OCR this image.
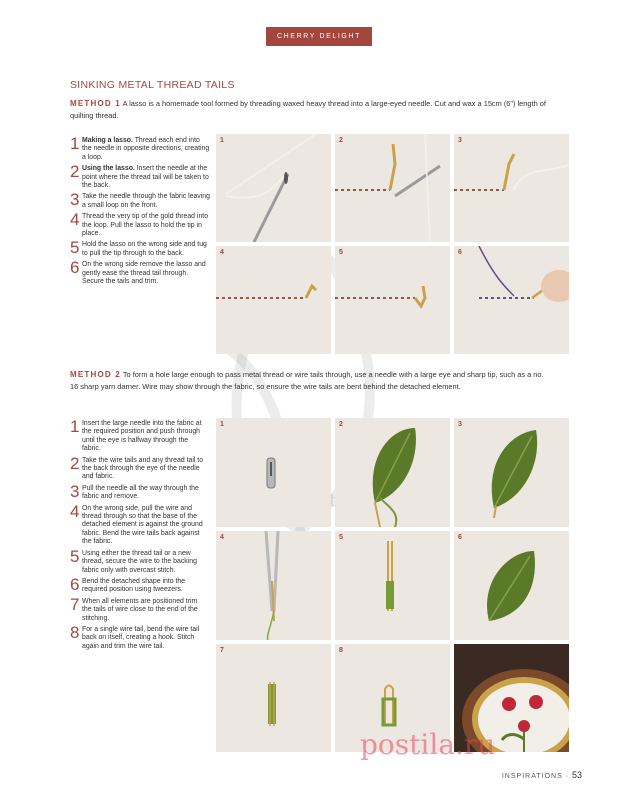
CHERRY DELIGHT
SINKING METAL THREAD TAILS
METHOD 1 A lasso is a homemade tool formed by threading waxed heavy thread into a large-eyed needle. Cut and wax a 15cm (6") length of quilting thread.
1 Making a lasso. Thread each end into the needle in opposite directions, creating a loop.
2 Using the lasso. Insert the needle at the point where the thread tail will be taken to the back.
3 Take the needle through the fabric leaving a small loop on the front.
4 Thread the very tip of the gold thread into the loop. Pull the lasso to hold the tip in place.
5 Hold the lasso on the wrong side and tug to pull the tip through to the back.
6 On the wrong side remove the lasso and gently ease the thread tail through. Secure the tails and trim.
1	2	3
4	5	6
METHOD 2 To form a hole large enough to pass metal thread or wire tails through, use a needle with a large eye and sharp tip, such as a no. 16 sharp yarn darner. Wire may show through the fabric, so ensure the wire tails are bent behind the detached element.
1 Insert the large needle into the fabric at the required position and push through until the eye is halfway through the fabric.
2 Take the wire tails and any thread tail to the back through the eye of the needle and fabric.
3 Pull the needle all the way through the fabric and remove.
4 On the wrong side, pull the wire and thread through so that the base of the detached element is against the ground fabric. Bend the wire tails back against the fabric.
5 Using either the thread tail or a new thread, secure the wire to the backing fabric only with overcast stitch.
6 Bend the detached shape into the required position using tweezers.
7 When all elements are positioned trim the tails of wire close to the end of the stitching.
8 For a single wire tail, bend the wire tail back on itself, creating a hook. Stitch again and trim the wire tail.
1	2	3
4	5	6
7	8
INSPIRATIONS · 53
postila.ru
